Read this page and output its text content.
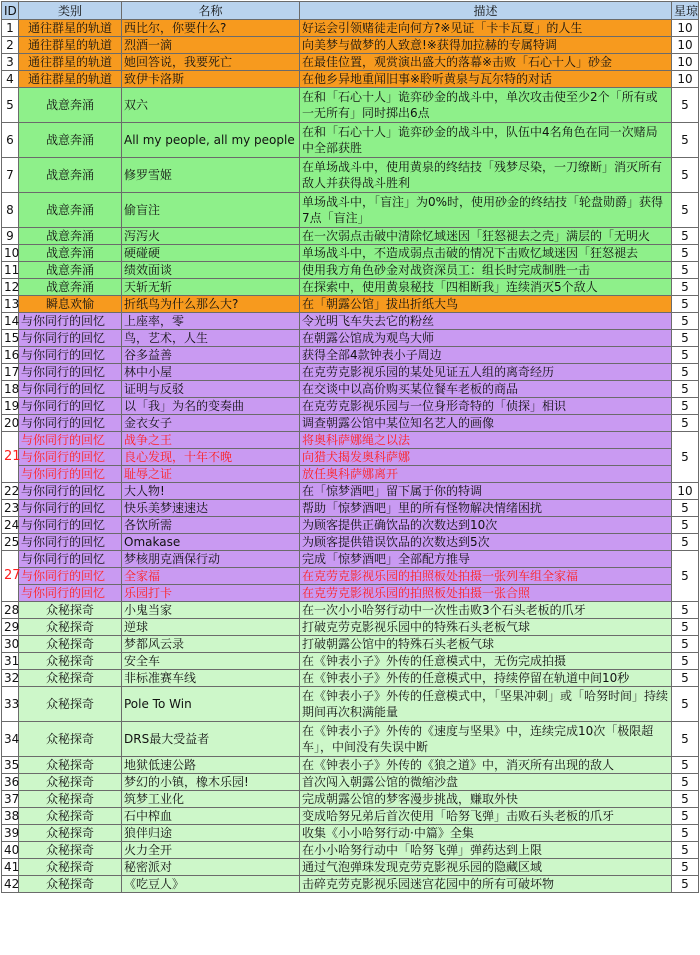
ID	类别	名称	描述	星琼
1	通往群星的轨道	西比尔，你要什么?	好运会引领赌徒走向何方?※见证「卡卡瓦夏」的人生	10
2	通往群星的轨道	烈酒一滴	向美梦与做梦的人致意!※获得加拉赫的专属特调	10
3	通往群星的轨道	她回答说，我要死亡	在最佳位置，观赏演出盛大的落幕※击败「石心十人」砂金	10
4	通往群星的轨道	致伊卡洛斯	在他乡异地重闻旧事※聆听黄泉与瓦尔特的对话	10
5	战意奔涌	双六	在和「石心十人」诡弈砂金的战斗中，单次攻击使至少2个「所有或一无所有」同时掷出6点	5
6	战意奔涌	All my people, all my people	在和「石心十人」诡弈砂金的战斗中，队伍中4名角色在同一次赌局中全部获胜	5
7	战意奔涌	修罗雪姬	在单场战斗中，使用黄泉的终结技「残梦尽染，一刀缭断」消灭所有敌人并获得战斗胜利	5
8	战意奔涌	偷盲注	单场战斗中，「盲注」为0%时，使用砂金的终结技「轮盘勋爵」获得7点「盲注」	5
9	战意奔涌	泻泻火	在一次弱点击破中清除忆域迷因「狂怒褪去之壳」满层的「无明火	5
10	战意奔涌	硬碰硬	单场战斗中，不造成弱点击破的情况下击败忆域迷因「狂怒褪去	5
11	战意奔涌	绩效面谈	使用我方角色砂金对战资深员工：组长时完成制胜一击	5
12	战意奔涌	天斩无斩	在探索中，使用黄泉秘技「四相断我」连续消灭5个敌人	5
13	瞬息欢愉	折纸鸟为什么那么大?	在「朝露公馆」拔出折纸大鸟	5
14	与你同行的回忆	上座率，零	令光明飞车失去它的粉丝	5
15	与你同行的回忆	鸟，艺术，人生	在朝露公馆成为观鸟大师	5
16	与你同行的回忆	谷多益善	获得全部4款钟表小子周边	5
17	与你同行的回忆	林中小屋	在克劳克影视乐园的某处见证五人组的离奇经历	5
18	与你同行的回忆	证明与反驳	在交谈中以高价购买某位餐车老板的商品	5
19	与你同行的回忆	以「我」为名的变奏曲	在克劳克影视乐园与一位身形奇特的「侦探」相识	5
20	与你同行的回忆	金衣女子	调查朝露公馆中某位知名艺人的画像	5
21	与你同行的回忆	战争之王	将奥科萨娜绳之以法	5
	与你同行的回忆	良心发现，十年不晚	向猎犬揭发奥科萨娜	
	与你同行的回忆	耻辱之证	放任奥科萨娜离开	
22	与你同行的回忆	大人物!	在「惊梦酒吧」留下属于你的特调	10
23	与你同行的回忆	快乐美梦速速达	帮助「惊梦酒吧」里的所有怪物解决情绪困扰	5
24	与你同行的回忆	各饮所需	为顾客提供正确饮品的次数达到10次	5
25	与你同行的回忆	Omakase	为顾客提供错误饮品的次数达到5次	5
27	与你同行的回忆	梦核朋克酒保行动	完成「惊梦酒吧」全部配方推导	5
	与你同行的回忆	全家福	在克劳克影视乐园的拍照板处拍摄一张列车组全家福	
	与你同行的回忆	乐园打卡	在克劳克影视乐园的拍照板处拍摄一张合照	
28	众秘探奇	小鬼当家	在一次小小哈努行动中一次性击败3个石头老板的爪牙	5
29	众秘探奇	逆球	打破克劳克影视乐园中的特殊石头老板气球	5
30	众秘探奇	梦都风云录	打破朝露公馆中的特殊石头老板气球	5
31	众秘探奇	安全车	在《钟表小子》外传的任意模式中，无伤完成拍摄	5
32	众秘探奇	非标准赛车线	在《钟表小子》外传的任意模式中，持续停留在轨道中间10秒	5
33	众秘探奇	Pole To Win	在《钟表小子》外传的任意模式中，「坚果冲刺」或「哈努时间」持续期间再次积满能量	5
34	众秘探奇	DRS最大受益者	在《钟表小子》外传的《速度与坚果》中，连续完成10次「极限超车」，中间没有失误中断	5
35	众秘探奇	地狱低速公路	在《钟表小子》外传的《狼之道》中，消灭所有出现的敌人	5
36	众秘探奇	梦幻的小镇，橡木乐园!	首次闯入朝露公馆的微缩沙盘	5
37	众秘探奇	筑梦工业化	完成朝露公馆的梦客漫步挑战，赚取外快	5
38	众秘探奇	石中榨血	变成哈努兄弟后首次使用「哈努飞弹」击败石头老板的爪牙	5
39	众秘探奇	狼伴归途	收集《小小哈努行动·中篇》全集	5
40	众秘探奇	火力全开	在小小哈努行动中「哈努飞弹」弹药达到上限	5
41	众秘探奇	秘密派对	通过气泡弹珠发现克劳克影视乐园的隐藏区域	5
42	众秘探奇	《吃豆人》	击碎克劳克影视乐园迷宫花园中的所有可破坏物	5
米游社@a醒醒
